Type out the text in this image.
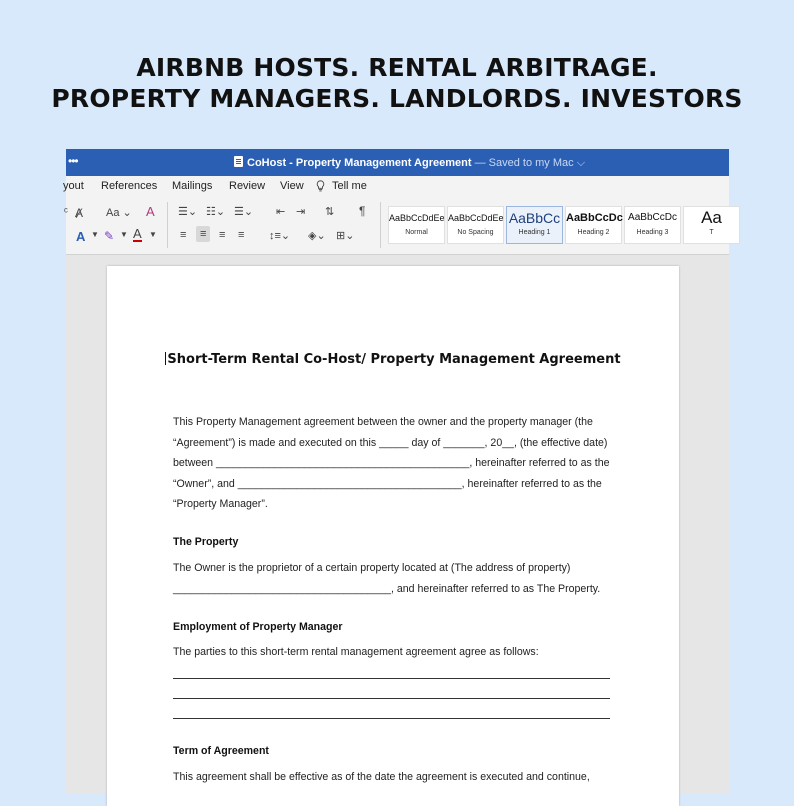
AIRBNB HOSTS. RENTAL ARBITRAGE.
PROPERTY MANAGERS. LANDLORDS. INVESTORS
•••	CoHost - Property Management Agreement — Saved to my Mac ⌵
yout References Mailings Review View	Tell me
ᶜ Ⱥ Aa ⌄ A
A ▼ ✎ ▼ A ▼
☰⌄ ☷⌄ ☰⌄ ⇤ ⇥ ⇅ ¶
≡	≡	≡ ≡ ↕≡⌄ ◈⌄ ⊞⌄
AaBbCcDdEe
Normal
AaBbCcDdEe
No Spacing
AaBbCc
Heading 1
AaBbCcDc
Heading 2
AaBbCcDc
Heading 3
Aa
T
Short-Term Rental Co-Host/ Property Management Agreement
This Property Management agreement between the owner and the property manager (the
“Agreement”) is made and executed on this _____ day of _______, 20__, (the effective date)
between ___________________________________________, hereinafter referred to as the
“Owner”, and ______________________________________, hereinafter referred to as the
“Property Manager”.
The Property
The Owner is the proprietor of a certain property located at (The address of property)
_____________________________________, and hereinafter referred to as The Property.
Employment of Property Manager
The parties to this short-term rental management agreement agree as follows:
Term of Agreement
This agreement shall be effective as of the date the agreement is executed and continue,
